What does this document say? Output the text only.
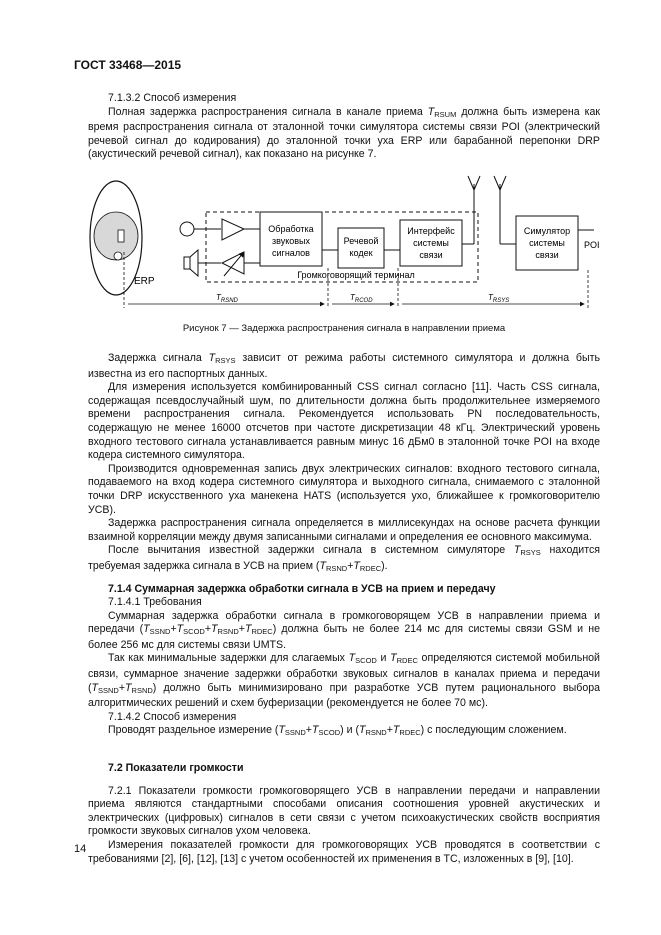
ГОСТ 33468—2015

7.1.3.2 Способ измерения

Полная задержка распространения сигнала в канале приема $T_{RSUM}$ должна быть измерена как время распространения сигнала от эталонной точки симулятора системы связи POI (электрический речевой сигнал до кодирования) до эталонной точки уха ERP или барабанной перепонки DRP (акустический речевой сигнал), как показано на рисунке 7.

ERP
Обработка
звуковых
сигналов
Речевой
кодек
Интерфейс
системы
связи
Громкоговорящий терминал
Симулятор
системы
связи
POI
$T_{RSND}$	$T_{RCOD}$	$T_{RSYS}$
Рисунок 7 — Задержка распространения сигнала в направлении приема

Задержка сигнала $T_{RSYS}$ зависит от режима работы системного симулятора и должна быть известна из его паспортных данных.

Для измерения используется комбинированный CSS сигнал согласно [11]. Часть CSS сигнала, содержащая псевдослучайный шум, по длительности должна быть продолжительнее измеряемого времени распространения сигнала. Рекомендуется использовать PN последовательность, содержащую не менее 16000 отсчетов при частоте дискретизации 48 кГц. Электрический уровень входного тестового сигнала устанавливается равным минус 16 дБм0 в эталонной точке POI на входе кодера системного симулятора.

Производится одновременная запись двух электрических сигналов: входного тестового сигнала, подаваемого на вход кодера системного симулятора и выходного сигнала, снимаемого с эталонной точки DRP искусственного уха манекена HATS (используется ухо, ближайшее к громкоговорителю УСВ).

Задержка распространения сигнала определяется в миллисекундах на основе расчета функции взаимной корреляции между двумя записанными сигналами и определения ее основного максимума.

После вычитания известной задержки сигнала в системном симуляторе $T_{RSYS}$ находится требуемая задержка сигнала в УСВ на прием $(T_{RSND}+T_{RDEC})$.

7.1.4 Суммарная задержка обработки сигнала в УСВ на прием и передачу

7.1.4.1 Требования

Суммарная задержка обработки сигнала в громкоговорящем УСВ в направлении приема и передачи $(T_{SSND}+T_{SCOD}+T_{RSND}+T_{RDEC})$ должна быть не более 214 мс для системы связи GSM и не более 256 мс для системы связи UMTS.

Так как минимальные задержки для слагаемых $T_{SCOD}$ и $T_{RDEC}$ определяются системой мобильной связи, суммарное значение задержки обработки звуковых сигналов в каналах приема и передачи $(T_{SSND}+T_{RSND})$ должно быть минимизировано при разработке УСВ путем рационального выбора алгоритмических решений и схем буферизации (рекомендуется не более 70 мс).

7.1.4.2 Способ измерения

Проводят раздельное измерение $(T_{SSND}+T_{SCOD})$ и $(T_{RSND}+T_{RDEC})$ с последующим сложением.

7.2 Показатели громкости

7.2.1 Показатели громкости громкоговорящего УСВ в направлении передачи и направлении приема являются стандартными способами описания соотношения уровней акустических и электрических (цифровых) сигналов в сети связи с учетом психоакустических свойств восприятия громкости звуковых сигналов ухом человека.

Измерения показателей громкости для громкоговорящих УСВ проводятся в соответствии с требованиями [2], [6], [12], [13] с учетом особенностей их применения в ТС, изложенных в [9], [10].

14
